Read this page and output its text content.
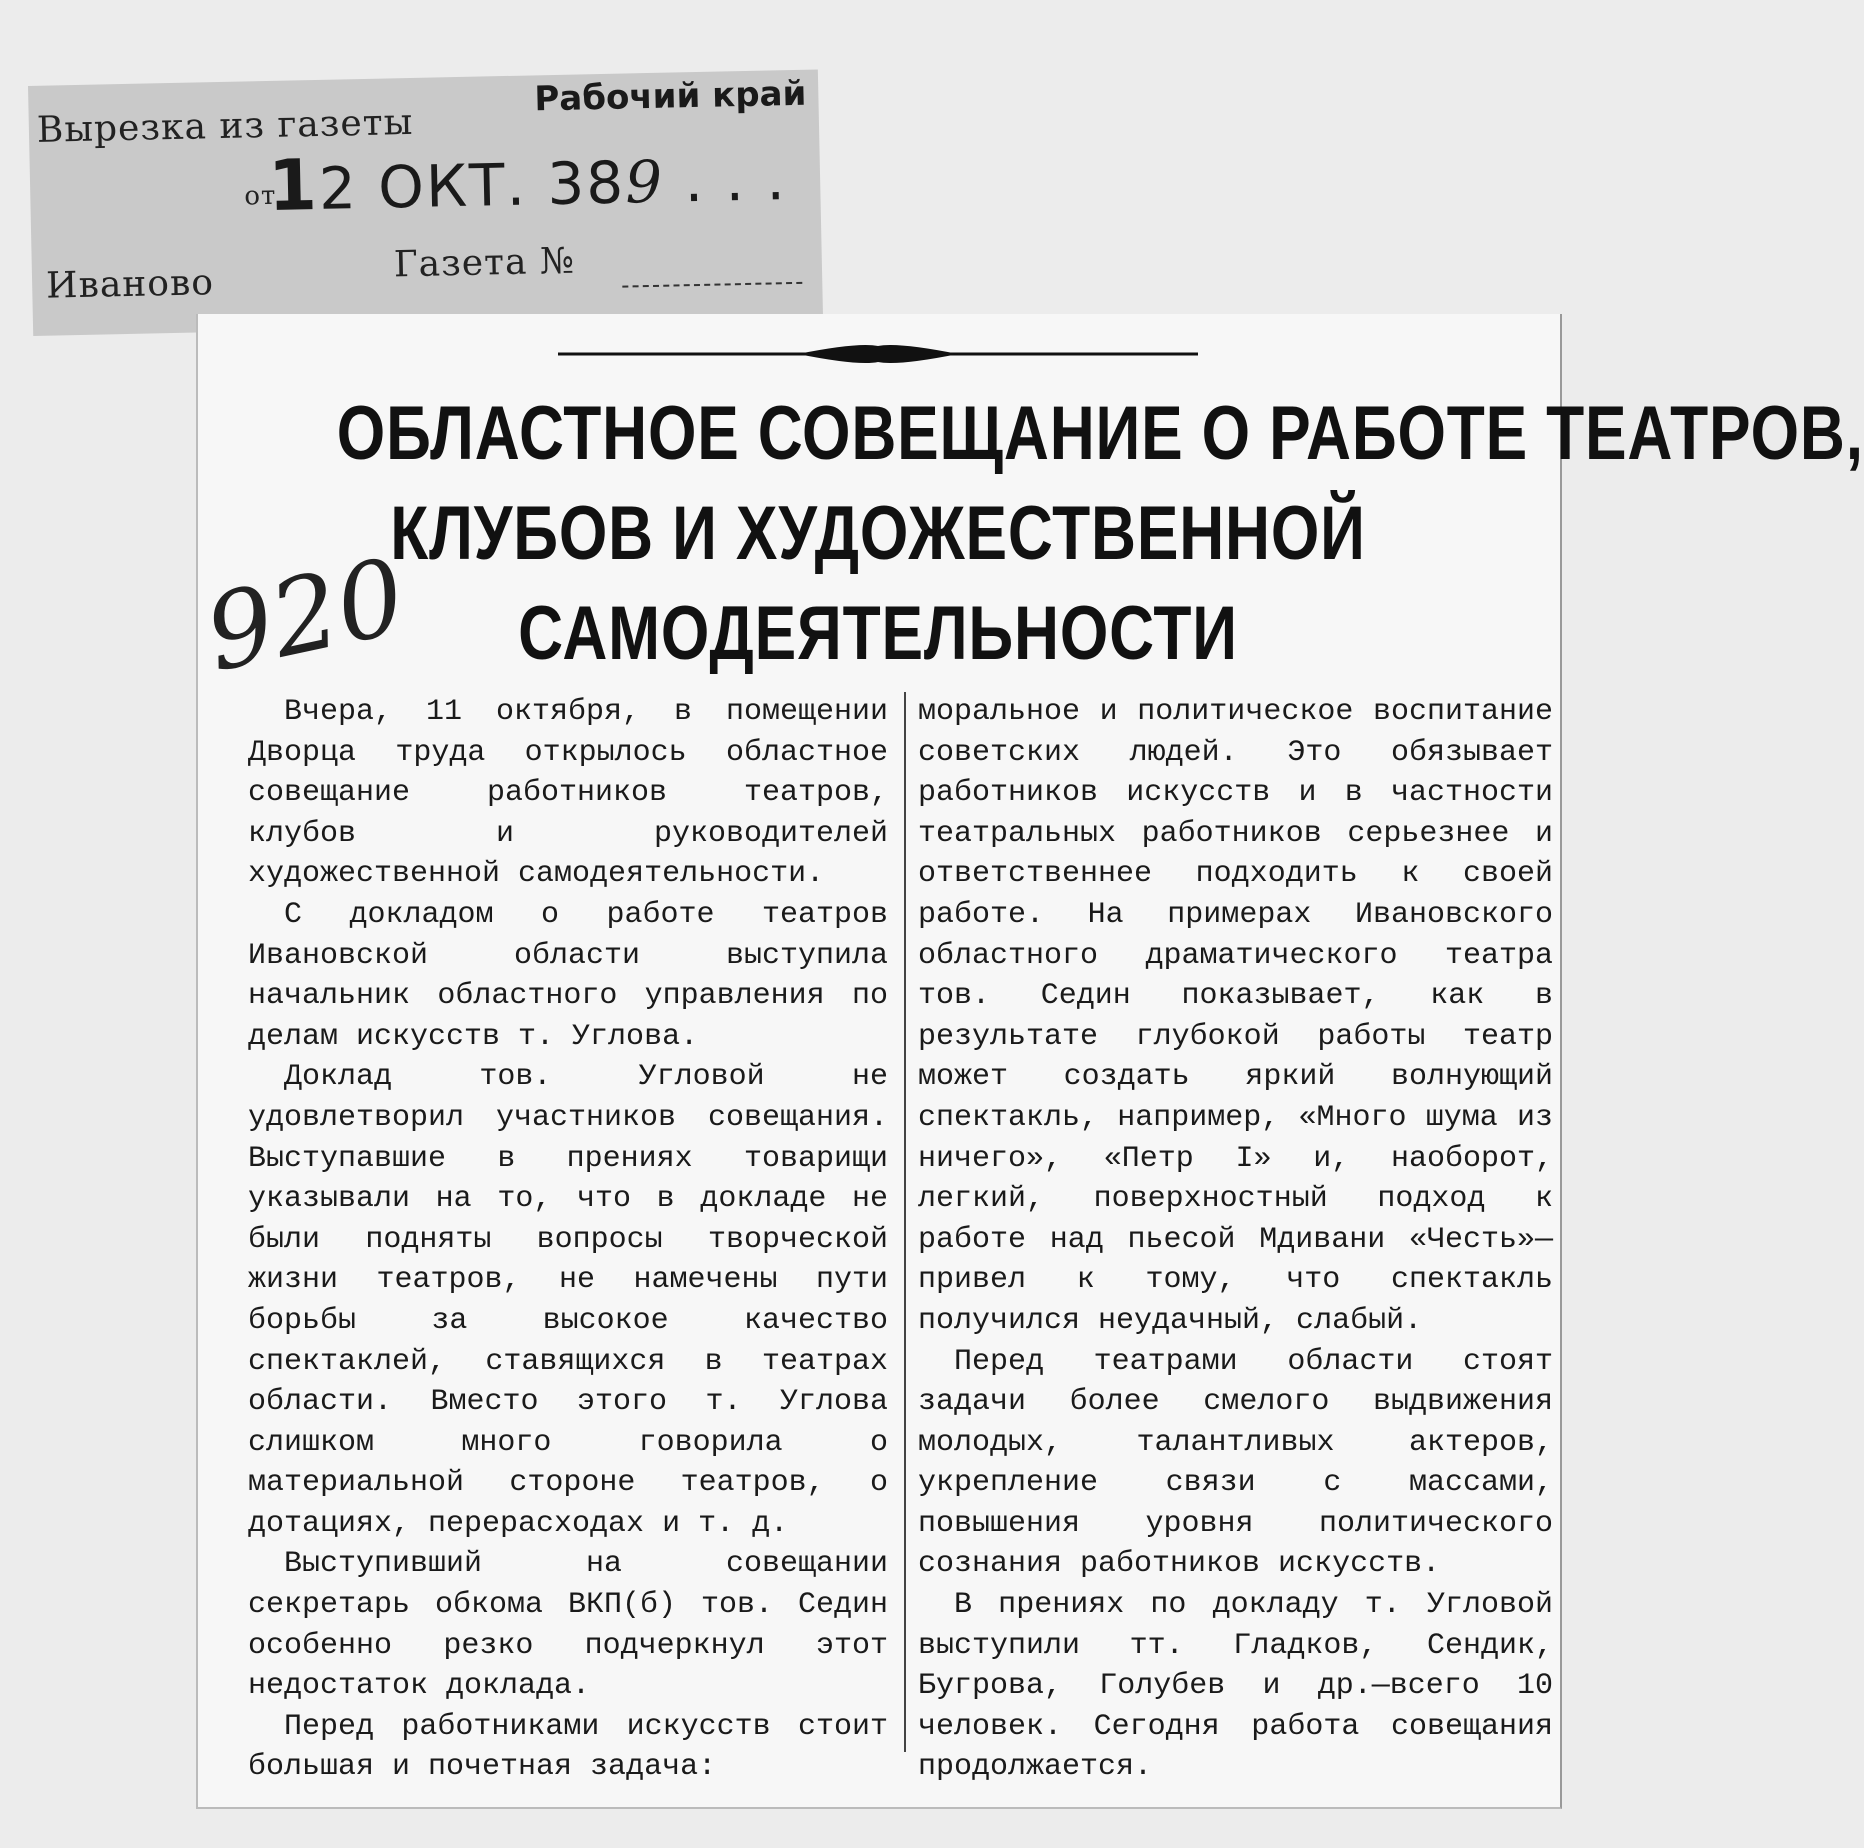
Вырезка из газеты
Рабочий край
от
12 ОКТ. 389 . . .
Иваново	Газета №
ОБЛАСТНОЕ СОВЕЩАНИЕ О РАБОТЕ ТЕАТРОВ,
КЛУБОВ И ХУДОЖЕСТВЕННОЙ
САМОДЕЯТЕЛЬНОСТИ
920

Вчера, 11 октября, в помещении Дворца труда открылось областное совещание работников театров, клубов и руководителей художественной самодеятельности.

С докладом о работе театров Ивановской области выступила начальник областного управления по делам искусств т. Углова.

Доклад тов. Угловой не удовлетворил участников совещания. Выступавшие в прениях товарищи указывали на то, что в докладе не были подняты вопросы творческой жизни театров, не намечены пути борьбы за высокое качество спектаклей, ставящихся в театрах области. Вместо этого т. Углова слишком много говорила о материальной стороне театров, о дотациях, перерасходах и т. д.

Выступивший на совещании секретарь обкома ВКП(б) тов. Седин особенно резко подчеркнул этот недостаток доклада.

Перед работниками искусств стоит большая и почетная задача:

моральное и политическое воспитание советских людей. Это обязывает работников искусств и в частности театральных работников серьезнее и ответственнее подходить к своей работе. На примерах Ивановского областного драматического театра тов. Седин показывает, как в результате глубокой работы театр может создать яркий волнующий спектакль, например, «Много шума из ничего», «Петр I» и, наоборот, легкий, поверхностный подход к работе над пьесой Мдивани «Честь»— привел к тому, что спектакль получился неудачный, слабый.

Перед театрами области стоят задачи более смелого выдвижения молодых, талантливых актеров, укрепление связи с массами, повышения уровня политического сознания работников искусств.

В прениях по докладу т. Угловой выступили тт. Гладков, Сендик, Бугрова, Голубев и др.—всего 10 человек. Сегодня работа совещания продолжается.
